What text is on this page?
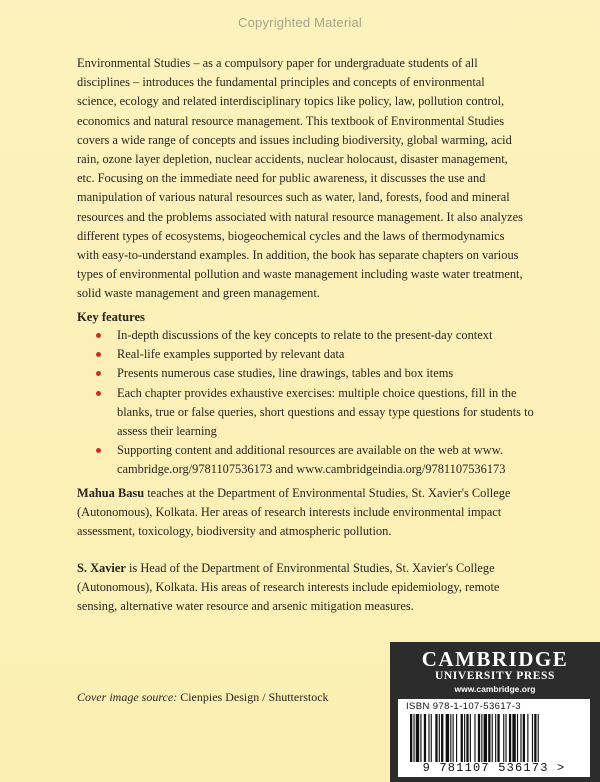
Copyrighted Material

Environmental Studies – as a compulsory paper for undergraduate students of all disciplines – introduces the fundamental principles and concepts of environmental science, ecology and related interdisciplinary topics like policy, law, pollution control, economics and natural resource management. This textbook of Environmental Studies covers a wide range of concepts and issues including biodiversity, global warming, acid rain, ozone layer depletion, nuclear accidents, nuclear holocaust, disaster management, etc. Focusing on the immediate need for public awareness, it discusses the use and manipulation of various natural resources such as water, land, forests, food and mineral resources and the problems associated with natural resource management. It also analyzes different types of ecosystems, biogeochemical cycles and the laws of thermodynamics with easy-to-understand examples. In addition, the book has separate chapters on various types of environmental pollution and waste management including waste water treatment, solid waste management and green management.

Key features
In-depth discussions of the key concepts to relate to the present-day context
Real-life examples supported by relevant data
Presents numerous case studies, line drawings, tables and box items
Each chapter provides exhaustive exercises: multiple choice questions, fill in the blanks, true or false queries, short questions and essay type questions for students to assess their learning
Supporting content and additional resources are available on the web at www. cambridge.org/9781107536173 and www.cambridgeindia.org/9781107536173

Mahua Basu teaches at the Department of Environmental Studies, St. Xavier's College (Autonomous), Kolkata. Her areas of research interests include environmental impact assessment, toxicology, biodiversity and atmospheric pollution.

S. Xavier is Head of the Department of Environmental Studies, St. Xavier's College (Autonomous), Kolkata. His areas of research interests include epidemiology, remote sensing, alternative water resource and arsenic mitigation measures.

Cover image source: Cienpies Design / Shutterstock

CAMBRIDGE
UNIVERSITY PRESS
www.cambridge.org
ISBN 978-1-107-53617-3
9 781107 536173 >
